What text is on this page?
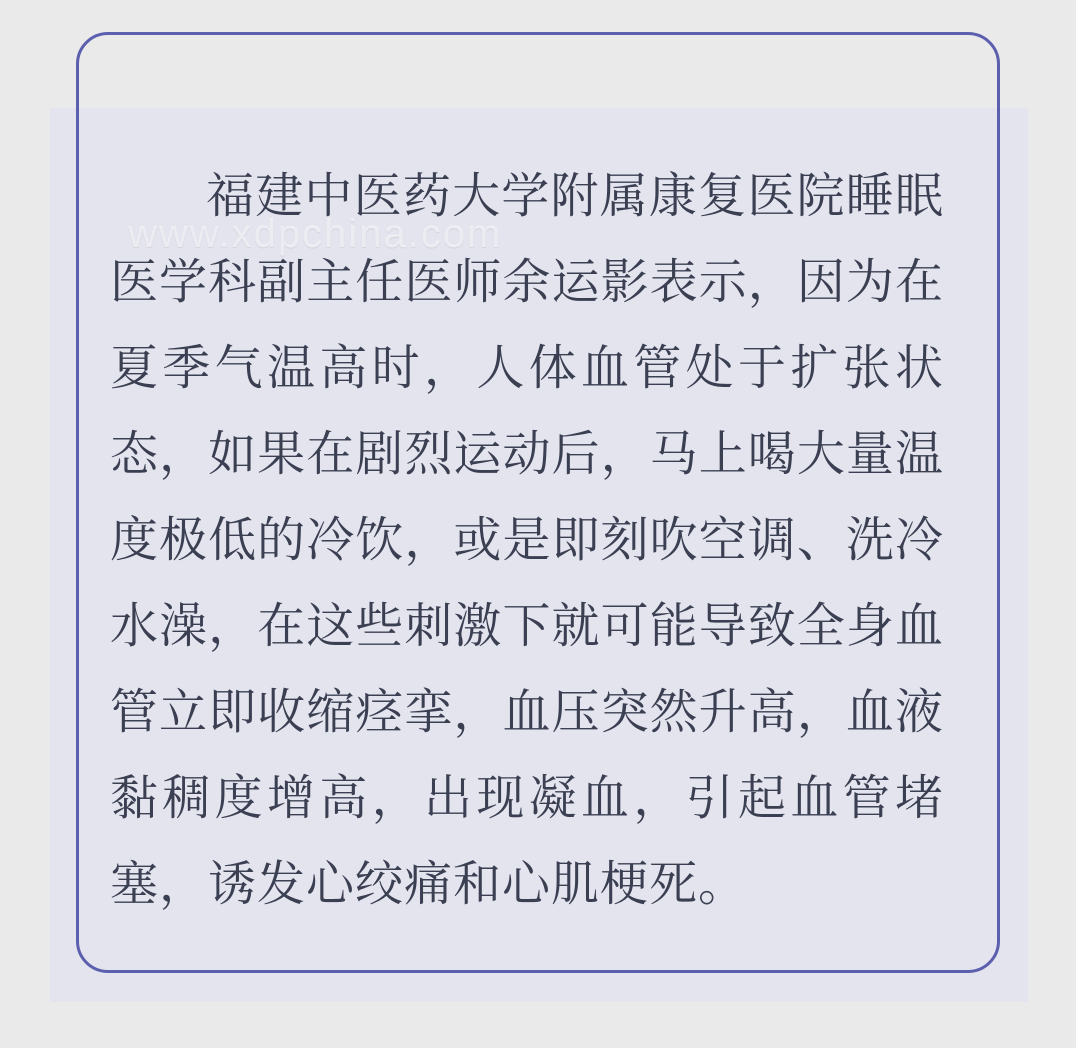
www.xdpchina.com
福建中医药大学附属康复医院睡眠
医学科副主任医师余运影表示，因为在
夏季气温高时，人体血管处于扩张状
态，如果在剧烈运动后，马上喝大量温
度极低的冷饮，或是即刻吹空调、洗冷
水澡，在这些刺激下就可能导致全身血
管立即收缩痉挛，血压突然升高，血液
黏稠度增高，出现凝血，引起血管堵
塞，诱发心绞痛和心肌梗死。
